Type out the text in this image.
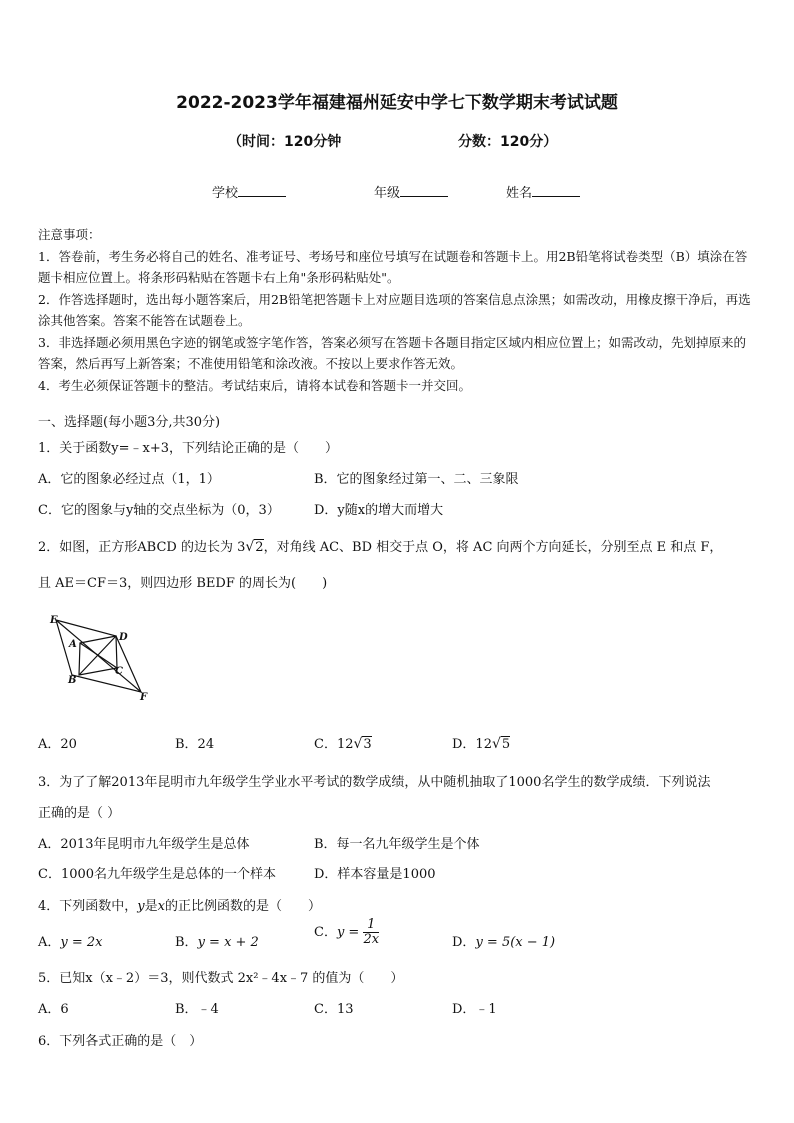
2022-2023学年福建福州延安中学七下数学期末考试试题
（时间：120分钟	分数：120分）
学校	年级	姓名
注意事项：
1．答卷前，考生务必将自己的姓名、准考证号、考场号和座位号填写在试题卷和答题卡上。用2B铅笔将试卷类型（B）填涂在答题卡相应位置上。将条形码粘贴在答题卡右上角"条形码粘贴处"。
2．作答选择题时，选出每小题答案后，用2B铅笔把答题卡上对应题目选项的答案信息点涂黑；如需改动，用橡皮擦干净后，再选涂其他答案。答案不能答在试题卷上。
3．非选择题必须用黑色字迹的钢笔或签字笔作答，答案必须写在答题卡各题目指定区域内相应位置上；如需改动，先划掉原来的答案，然后再写上新答案；不准使用铅笔和涂改液。不按以上要求作答无效。
4．考生必须保证答题卡的整洁。考试结束后，请将本试卷和答题卡一并交回。
一、选择题(每小题3分,共30分)
1．关于函数y=﹣x+3，下列结论正确的是（　　）
A．它的图象必经过点（1，1）	B．它的图象经过第一、二、三象限
C．它的图象与y轴的交点坐标为（0，3）	D．y随x的增大而增大
2．如图，正方形ABCD 的边长为 3√2，对角线 AC、BD 相交于点 O，将 AC 向两个方向延长，分别至点 E 和点 F，
且 AE＝CF＝3，则四边形 BEDF 的周长为(　　)
E
A
D
C
B
F
A．20	B．24	C．12√3	D．12√5
3．为了了解2013年昆明市九年级学生学业水平考试的数学成绩，从中随机抽取了1000名学生的数学成绩．下列说法
正确的是（ ）
A．2013年昆明市九年级学生是总体	B．每一名九年级学生是个体
C．1000名九年级学生是总体的一个样本	D．样本容量是1000
4．下列函数中，y是x的正比例函数的是（　　）
A．y = 2x	B．y = x + 2
C．$y = \frac{1}{2x}$	D．y = 5(x − 1)
5．已知x（x﹣2）＝3，则代数式 2x²﹣4x﹣7 的值为（　　）
A．6	B．﹣4	C．13	D．﹣1
6．下列各式正确的是（　）
